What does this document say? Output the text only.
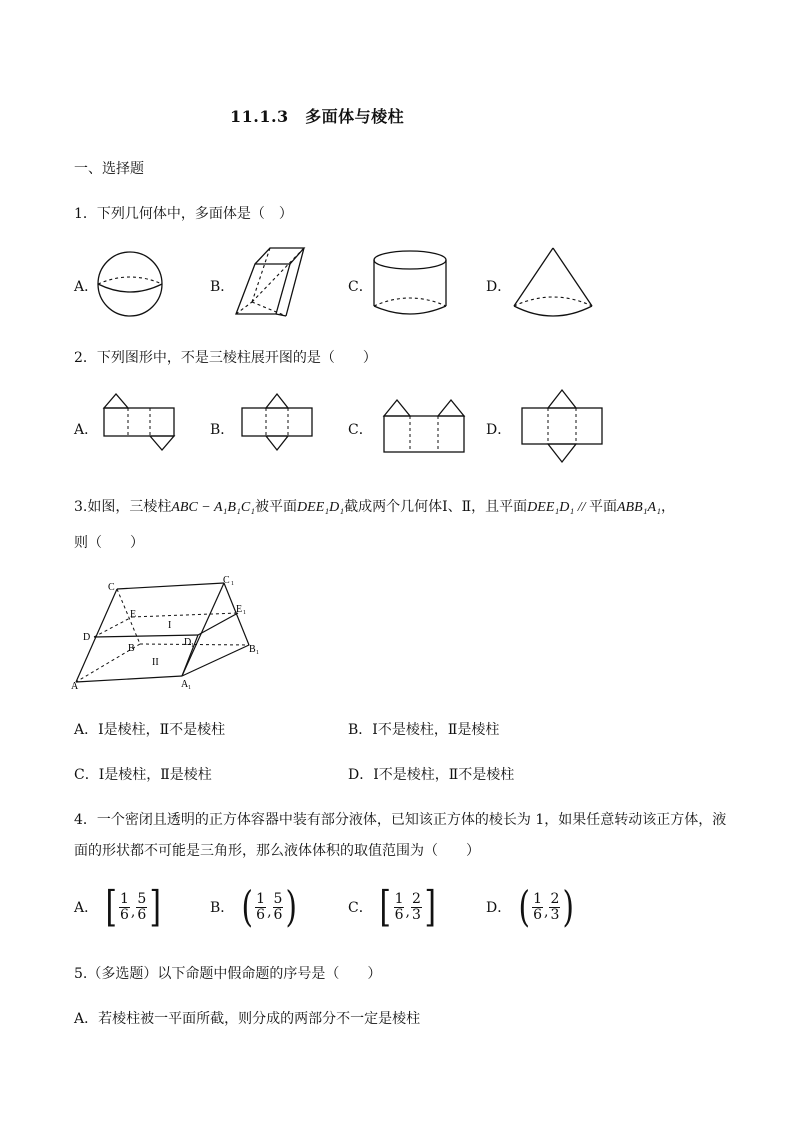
11.1.3　多面体与棱柱
一、选择题
1．下列几何体中，多面体是（　）
A．	B．	C．	D．
2．下列图形中，不是三棱柱展开图的是（　　）
A．	B．	C．	D．
3.如图，三棱柱ABC − A₁B₁C₁被平面DEE₁D₁截成两个几何体Ⅰ、Ⅱ，且平面DEE₁D₁ // 平面ABB₁A₁，
则（　　）
C
C 1
E	E 1
D	D 1
B	B 1
A	A 1
I
II
A．Ⅰ是棱柱，Ⅱ不是棱柱	B．Ⅰ不是棱柱，Ⅱ是棱柱
C．Ⅰ是棱柱，Ⅱ是棱柱	D．Ⅰ不是棱柱，Ⅱ不是棱柱
4．一个密闭且透明的正方体容器中装有部分液体，已知该正方体的棱长为 1，如果任意转动该正方体，液
面的形状都不可能是三角形，那么液体体积的取值范围为（　　）
A． [ $\frac{1}{6}$ , $\frac{5}{6}$ ]	B． ( $\frac{1}{6}$ , $\frac{5}{6}$ )	C． [ $\frac{1}{6}$ , $\frac{2}{3}$ ]	D． ( $\frac{1}{6}$ , $\frac{2}{3}$ )
5.（多选题）以下命题中假命题的序号是（　　）
A．若棱柱被一平面所截，则分成的两部分不一定是棱柱
